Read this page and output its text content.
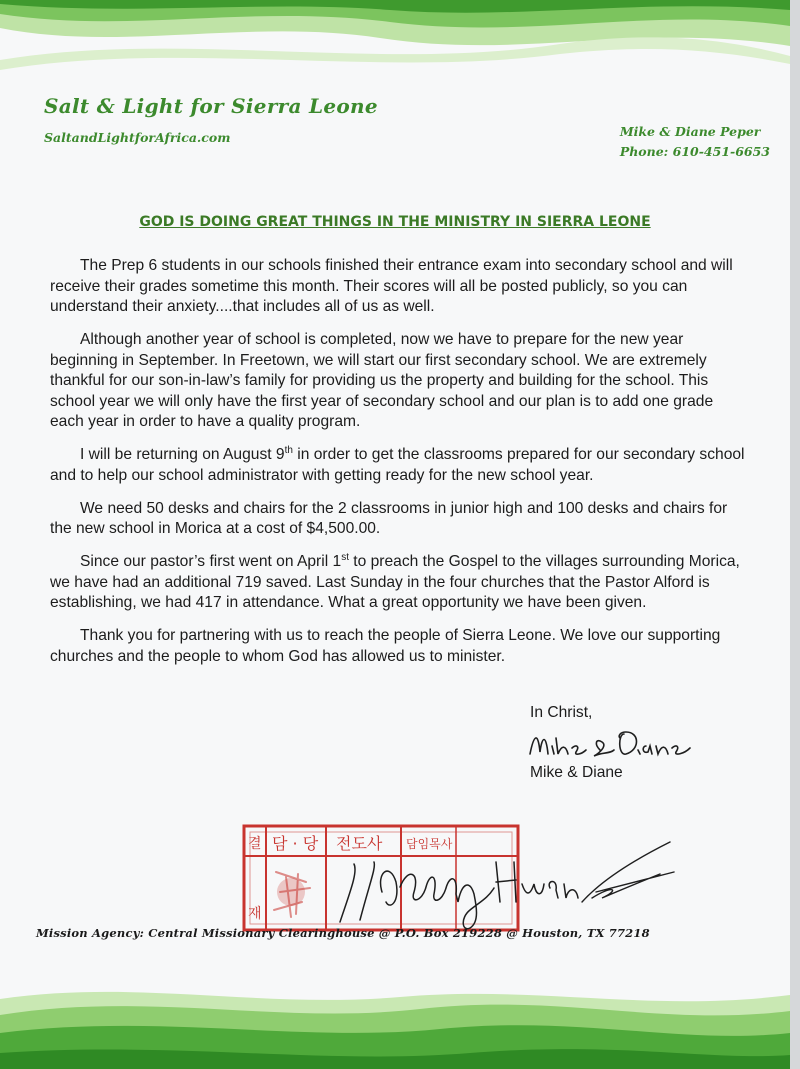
Salt & Light for Sierra Leone
SaltandLightforAfrica.com	Mike & Diane Peper
Phone: 610-451-6653
GOD IS DOING GREAT THINGS IN THE MINISTRY IN SIERRA LEONE

The Prep 6 students in our schools finished their entrance exam into secondary school and will receive their grades sometime this month. Their scores will all be posted publicly, so you can understand their anxiety....that includes all of us as well.

Although another year of school is completed, now we have to prepare for the new year beginning in September. In Freetown, we will start our first secondary school. We are extremely thankful for our son-in-law’s family for providing us the property and building for the school. This school year we will only have the first year of secondary school and our plan is to add one grade each year in order to have a quality program.

I will be returning on August 9th in order to get the classrooms prepared for our secondary school and to help our school administrator with getting ready for the new school year.

We need 50 desks and chairs for the 2 classrooms in junior high and 100 desks and chairs for the new school in Morica at a cost of $4,500.00.

Since our pastor’s first went on April 1st to preach the Gospel to the villages surrounding Morica, we have had an additional 719 saved. Last Sunday in the four churches that the Pastor Alford is establishing, we had 417 in attendance. What a great opportunity we have been given.

Thank you for partnering with us to reach the people of Sierra Leone. We love our supporting churches and the people to whom God has allowed us to minister.

In Christ,
Mike & Diane
결 담 · 당 전도사 담임목사
재
Mission Agency: Central Missionary Clearinghouse @ P.O. Box 219228 @ Houston, TX 77218
